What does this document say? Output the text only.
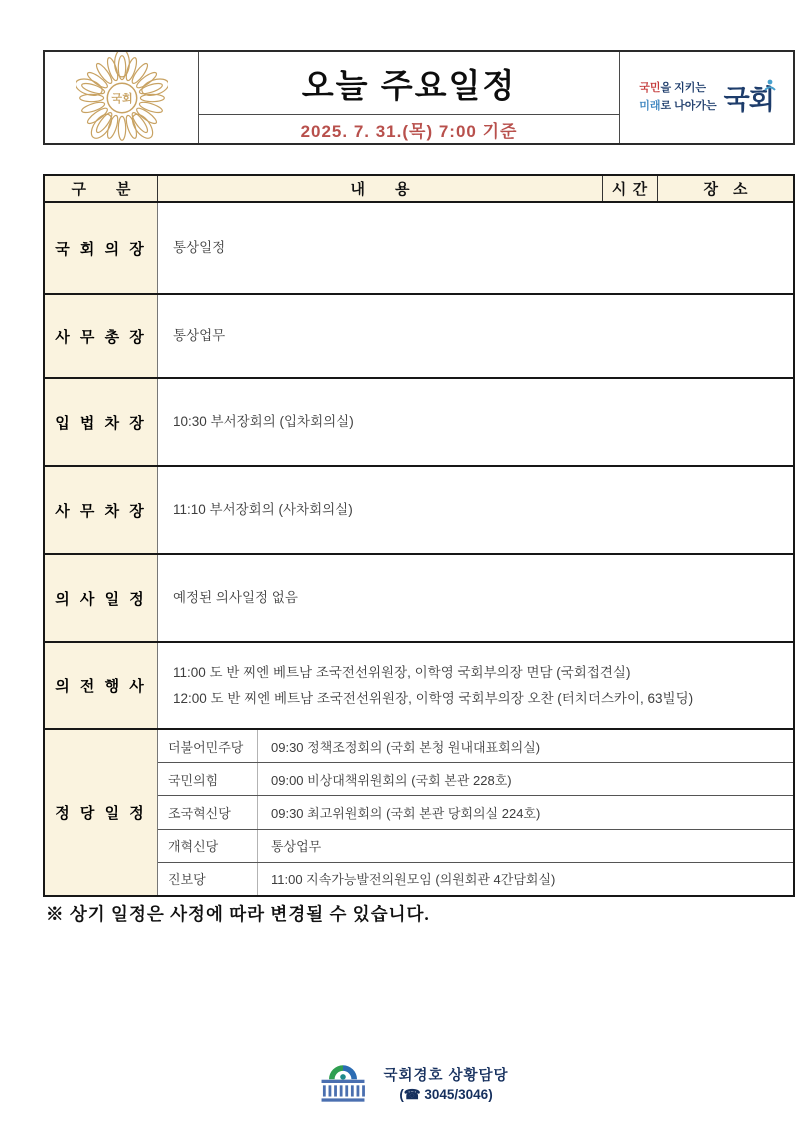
국회	오늘 주요일정
2025. 7. 31.(목) 7:00 기준
국민을 지키는
미래로 나아가는 국회
구　　분	내　　용	시 간	장　소
국 회 의 장	통상일정
사 무 총 장	통상업무
입 법 차 장	10:30 부서장회의 (입차회의실)
사 무 차 장	11:10 부서장회의 (사차회의실)
의 사 일 정	예정된 의사일정 없음
의 전 행 사
11:00 도 반 찌엔 베트남 조국전선위원장, 이학영 국회부의장 면담 (국회접견실)
12:00 도 반 찌엔 베트남 조국전선위원장, 이학영 국회부의장 오찬 (터치더스카이, 63빌딩)
정 당 일 정
더불어민주당	09:30 정책조정회의 (국회 본청 원내대표회의실)
국민의힘	09:00 비상대책위원회의 (국회 본관 228호)
조국혁신당	09:30 최고위원회의 (국회 본관 당회의실 224호)
개혁신당	통상업무
진보당	11:00 지속가능발전의원모임 (의원회관 4간담회실)
※ 상기 일정은 사정에 따라 변경될 수 있습니다.
국회경호 상황담당
(☎ 3045/3046)
